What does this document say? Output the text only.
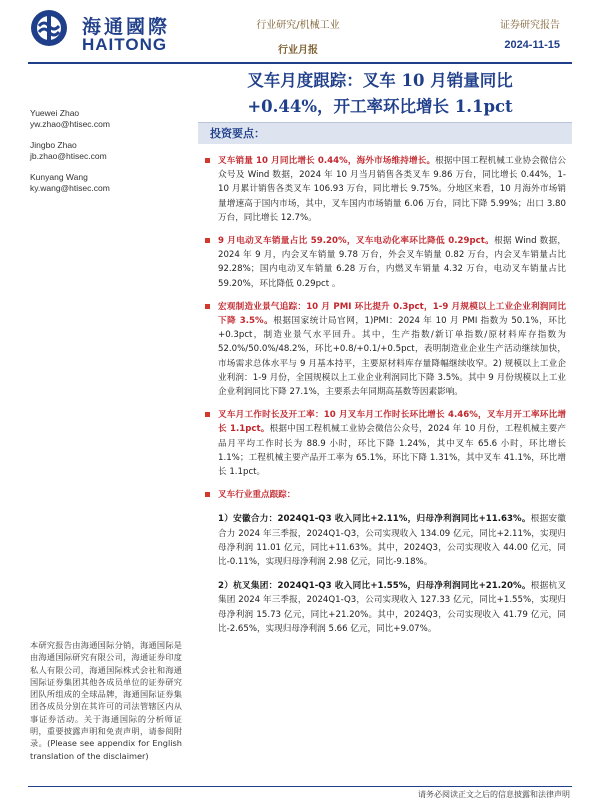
海通國際
HAITONG
行业研究/机械工业
行业月报
证券研究报告
2024-11-15
叉车月度跟踪：叉车 10 月销量同比
+0.44%，开工率环比增长 1.1pct
Yuewei Zhao
yw.zhao@htisec.com
Jingbo Zhao
jb.zhao@htisec.com
Kunyang Wang
ky.wang@htisec.com
本研究报告由海通国际分销，海通国际是由海通国际研究有限公司，海通证券印度私人有限公司，海通国际株式会社和海通国际证券集团其他各成员单位的证券研究团队所组成的全球品牌，海通国际证券集团各成员分别在其许可的司法管辖区内从事证券活动。关于海通国际的分析师证明，重要披露声明和免责声明，请参阅附录。(Please see appendix for English translation of the disclaimer)
投资要点：
叉车销量 10 月同比增长 0.44%，海外市场维持增长。根据中国工程机械工业协会微信公众号及 Wind 数据，2024 年 10 月当月销售各类叉车 9.86 万台，同比增长 0.44%，1-10 月累计销售各类叉车 106.93 万台，同比增长 9.75%。分地区来看，10 月海外市场销量增速高于国内市场，其中，叉车国内市场销量 6.06 万台，同比下降 5.99%；出口 3.80 万台，同比增长 12.7%。
9 月电动叉车销量占比 59.20%，叉车电动化率环比降低 0.29pct。根据 Wind 数据，2024 年 9 月，内会叉车销量 9.78 万台，外会叉车销量 0.82 万台，内会叉车销量占比 92.28%；国内电动叉车销量 6.28 万台，内燃叉车销量 4.32 万台，电动叉车销量占比 59.20%，环比降低 0.29pct 。
宏观制造业景气追踪：10 月 PMI 环比提升 0.3pct，1-9 月规模以上工业企业利润同比下降 3.5%。根据国家统计局官网，1)PMI：2024 年 10 月 PMI 指数为 50.1%，环比+0.3pct，制造业景气水平回升。其中，生产指数/新订单指数/原材料库存指数为 52.0%/50.0%/48.2%，环比+0.8/+0.1/+0.5pct，表明制造业企业生产活动继续加快，市场需求总体水平与 9 月基本持平，主要原材料库存量降幅继续收窄。2) 规模以上工业企业利润：1-9 月份，全国规模以上工业企业利润同比下降 3.5%。其中 9 月份规模以上工业企业利润同比下降 27.1%，主要系去年同期高基数等因素影响。
叉车月工作时长及开工率：10 月叉车月工作时长环比增长 4.46%，叉车月开工率环比增长 1.1pct。根据中国工程机械工业协会微信公众号，2024 年 10 月份，工程机械主要产品月平均工作时长为 88.9 小时，环比下降 1.24%，其中叉车 65.6 小时，环比增长 1.1%；工程机械主要产品开工率为 65.1%，环比下降 1.31%，其中叉车 41.1%，环比增长 1.1pct。
叉车行业重点跟踪：
1）安徽合力：2024Q1-Q3 收入同比+2.11%，归母净利润同比+11.63%。根据安徽合力 2024 年三季报，2024Q1-Q3，公司实现收入 134.09 亿元，同比+2.11%，实现归母净利润 11.01 亿元，同比+11.63%。其中，2024Q3，公司实现收入 44.00 亿元，同比-0.11%，实现归母净利润 2.98 亿元，同比-9.18%。
2）杭叉集团：2024Q1-Q3 收入同比+1.55%，归母净利润同比+21.20%。根据杭叉集团 2024 年三季报，2024Q1-Q3，公司实现收入 127.33 亿元，同比+1.55%，实现归母净利润 15.73 亿元，同比+21.20%。其中，2024Q3，公司实现收入 41.79 亿元，同比-2.65%，实现归母净利润 5.66 亿元，同比+9.07%。
请务必阅读正文之后的信息披露和法律声明
